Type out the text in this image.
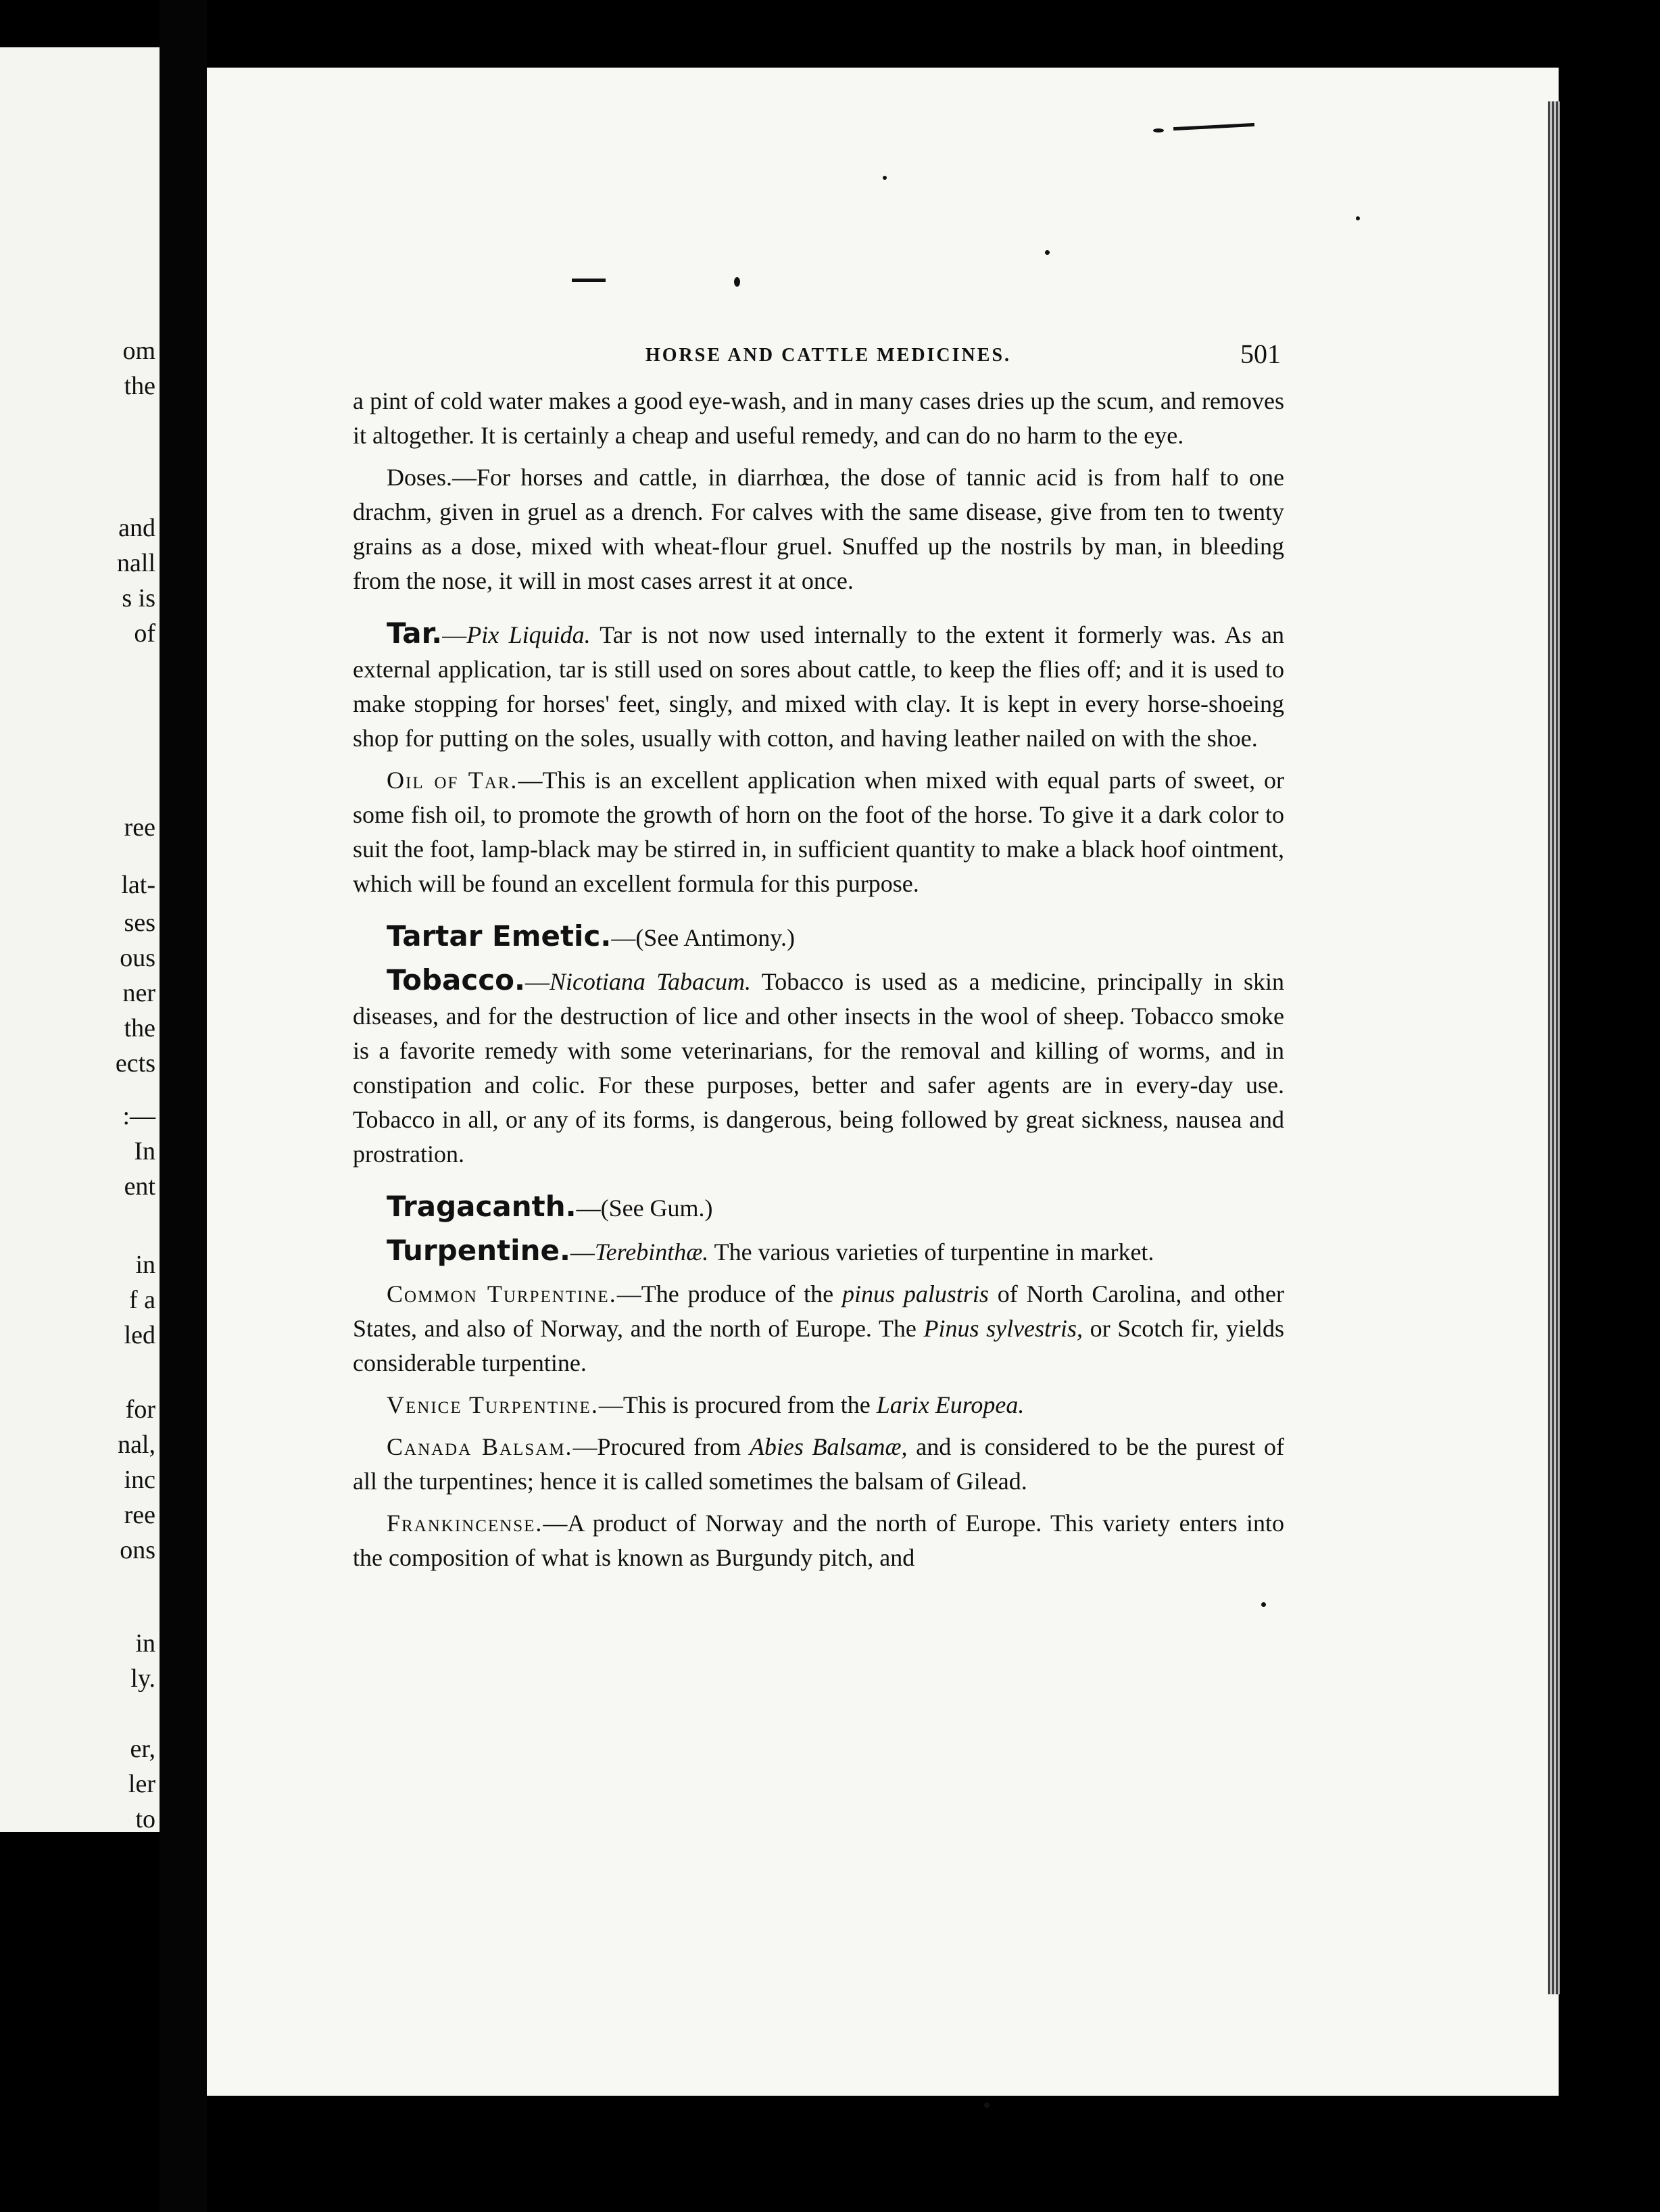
om
the
and
nall
s is
of
ree
lat-
ses
ous
ner
the
ects
:—
In
ent
in
f a
led
for
nal,
inc
ree
ons
in
ly.
er,
ler
to
HORSE AND CATTLE MEDICINES.	501

a pint of cold water makes a good eye-wash, and in many cases dries up the scum, and removes it altogether. It is certainly a cheap and useful remedy, and can do no harm to the eye.

Doses.—For horses and cattle, in diarrhœa, the dose of tannic acid is from half to one drachm, given in gruel as a drench. For calves with the same disease, give from ten to twenty grains as a dose, mixed with wheat-flour gruel. Snuffed up the nostrils by man, in bleeding from the nose, it will in most cases arrest it at once.

Tar.—Pix Liquida. Tar is not now used internally to the extent it formerly was. As an external application, tar is still used on sores about cattle, to keep the flies off; and it is used to make stopping for horses' feet, singly, and mixed with clay. It is kept in every horse-shoeing shop for putting on the soles, usually with cotton, and having leather nailed on with the shoe.

Oil of Tar.—This is an excellent application when mixed with equal parts of sweet, or some fish oil, to promote the growth of horn on the foot of the horse. To give it a dark color to suit the foot, lamp-black may be stirred in, in sufficient quantity to make a black hoof ointment, which will be found an excellent formula for this purpose.

Tartar Emetic.—(See Antimony.)

Tobacco.—Nicotiana Tabacum. Tobacco is used as a medicine, principally in skin diseases, and for the destruction of lice and other insects in the wool of sheep. Tobacco smoke is a favorite remedy with some veterinarians, for the removal and killing of worms, and in constipation and colic. For these purposes, better and safer agents are in every-day use. Tobacco in all, or any of its forms, is dangerous, being followed by great sickness, nausea and prostration.

Tragacanth.—(See Gum.)

Turpentine.—Terebinthæ. The various varieties of turpentine in market.

Common Turpentine.—The produce of the pinus palustris of North Carolina, and other States, and also of Norway, and the north of Europe. The Pinus sylvestris, or Scotch fir, yields considerable turpentine.

Venice Turpentine.—This is procured from the Larix Europea.

Canada Balsam.—Procured from Abies Balsamæ, and is considered to be the purest of all the turpentines; hence it is called sometimes the balsam of Gilead.

Frankincense.—A product of Norway and the north of Europe. This variety enters into the composition of what is known as Burgundy pitch, and
